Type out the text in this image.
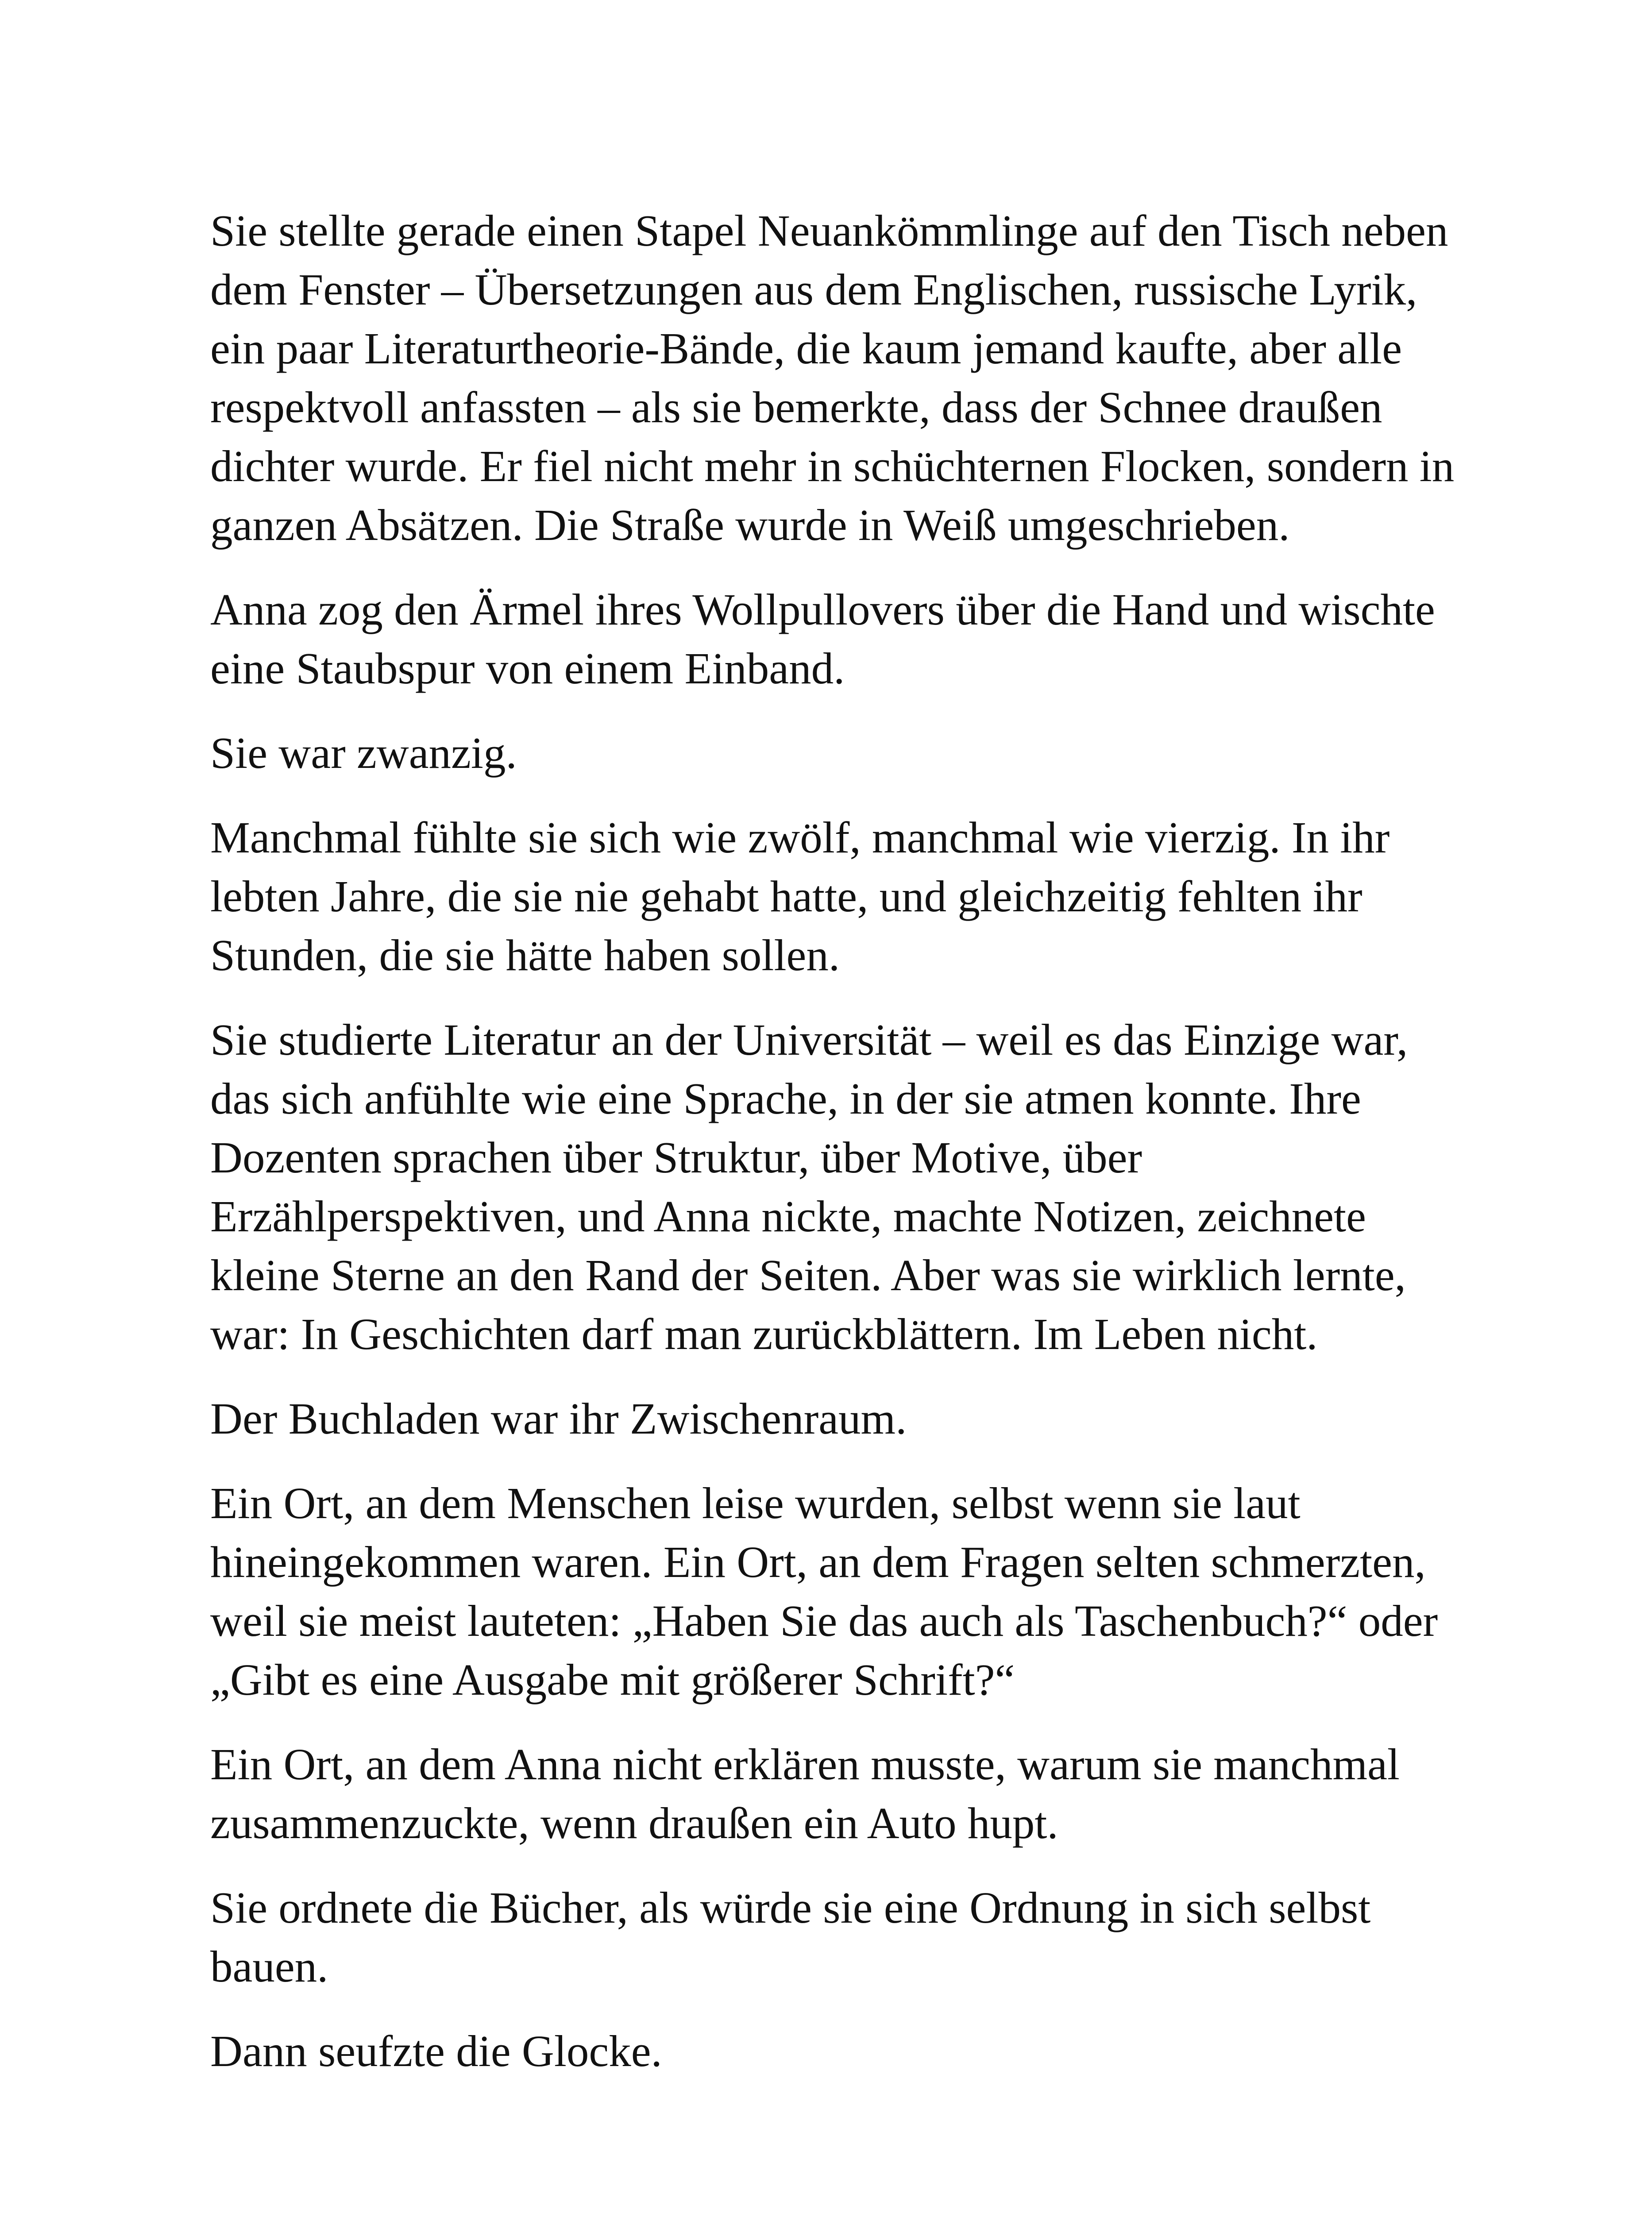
Sie stellte gerade einen Stapel Neuankömmlinge auf den Tisch neben dem Fenster – Übersetzungen aus dem Englischen, russische Lyrik, ein paar Literaturtheorie-Bände, die kaum jemand kaufte, aber alle respektvoll anfassten – als sie bemerkte, dass der Schnee draußen dichter wurde. Er fiel nicht mehr in schüchternen Flocken, sondern in ganzen Absätzen. Die Straße wurde in Weiß umgeschrieben.

Anna zog den Ärmel ihres Wollpullovers über die Hand und wischte eine Staubspur von einem Einband.

Sie war zwanzig.

Manchmal fühlte sie sich wie zwölf, manchmal wie vierzig. In ihr lebten Jahre, die sie nie gehabt hatte, und gleichzeitig fehlten ihr Stunden, die sie hätte haben sollen.

Sie studierte Literatur an der Universität – weil es das Einzige war, das sich anfühlte wie eine Sprache, in der sie atmen konnte. Ihre Dozenten sprachen über Struktur, über Motive, über Erzählperspektiven, und Anna nickte, machte Notizen, zeichnete kleine Sterne an den Rand der Seiten. Aber was sie wirklich lernte, war: In Geschichten darf man zurückblättern. Im Leben nicht.

Der Buchladen war ihr Zwischenraum.

Ein Ort, an dem Menschen leise wurden, selbst wenn sie laut hineingekommen waren. Ein Ort, an dem Fragen selten schmerzten, weil sie meist lauteten: „Haben Sie das auch als Taschenbuch?“ oder „Gibt es eine Ausgabe mit größerer Schrift?“

Ein Ort, an dem Anna nicht erklären musste, warum sie manchmal zusammenzuckte, wenn draußen ein Auto hupt.

Sie ordnete die Bücher, als würde sie eine Ordnung in sich selbst bauen.

Dann seufzte die Glocke.
